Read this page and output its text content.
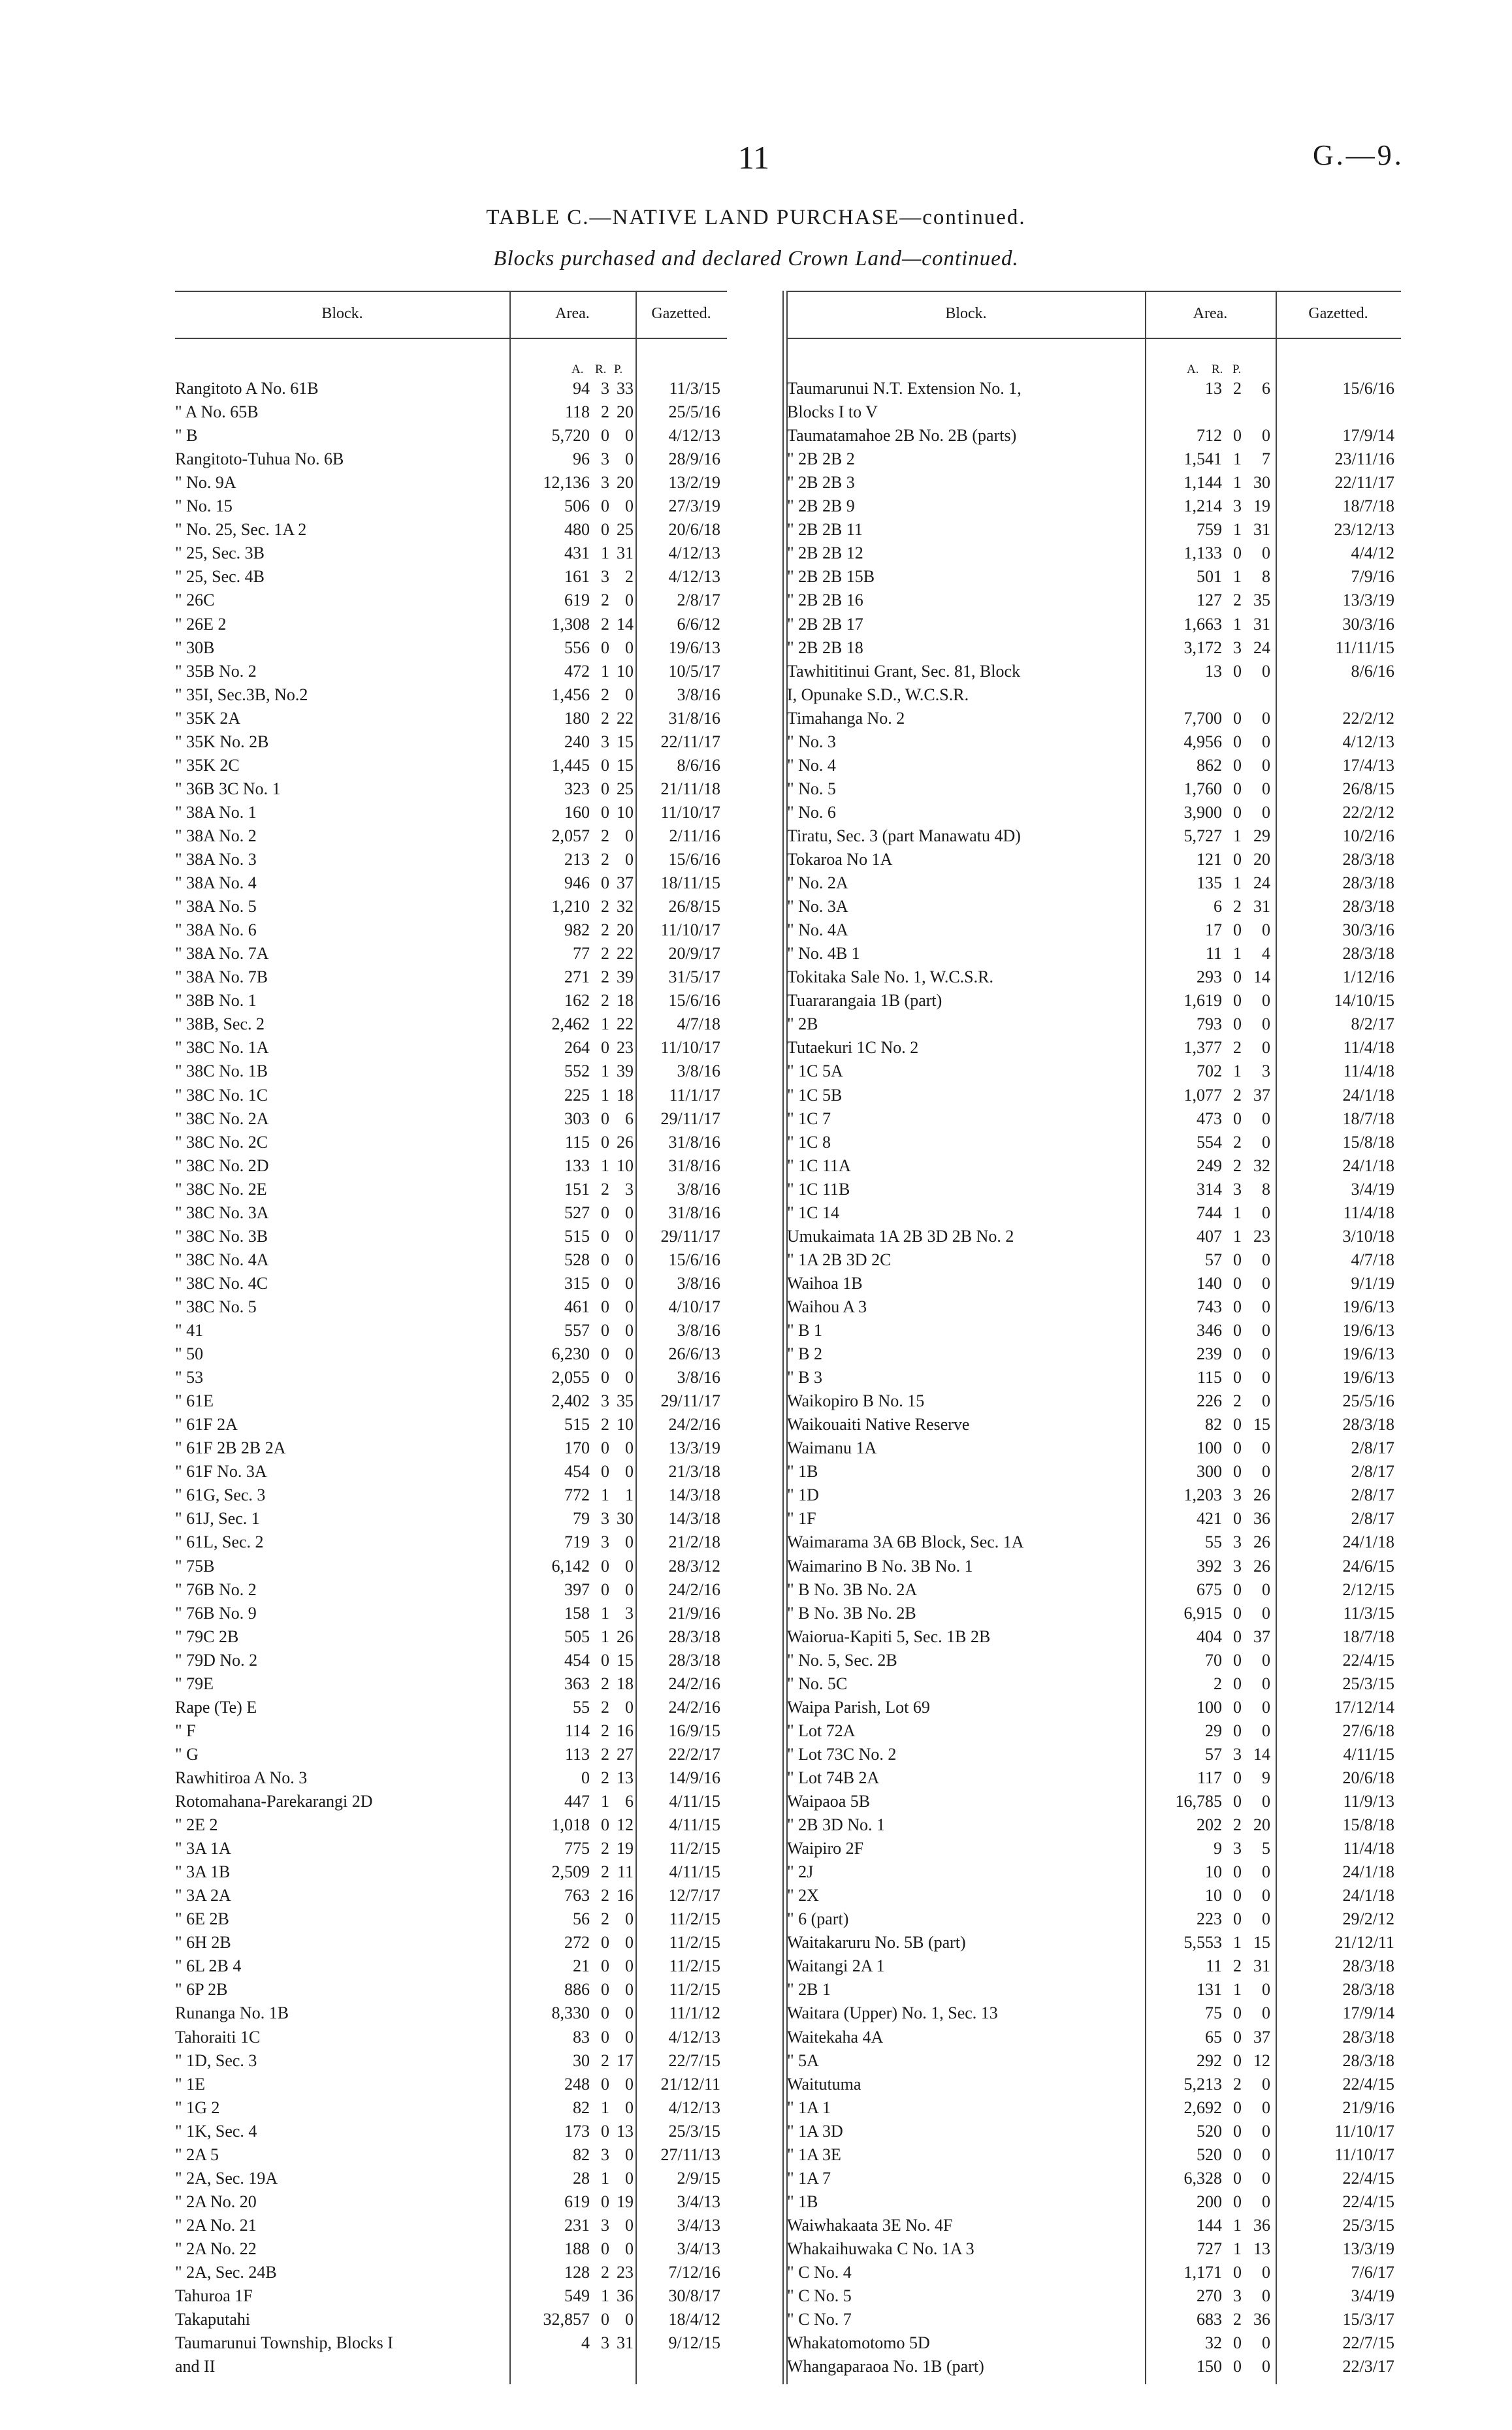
11	G.—9.
TABLE C.—NATIVE LAND PURCHASE—continued.
Blocks purchased and declared Crown Land—continued.
Block.	Area.	Gazetted.
A. R. P.
Rangitoto A No. 61B	94 3 33	11/3/15
" A No. 65B	118 2 20	25/5/16
" B	5,720 0 0	4/12/13
Rangitoto-Tuhua No. 6B	96 3 0	28/9/16
" No. 9A	12,136 3 20	13/2/19
" No. 15	506 0 0	27/3/19
" No. 25, Sec. 1A 2	480 0 25	20/6/18
" 25, Sec. 3B	431 1 31	4/12/13
" 25, Sec. 4B	161 3 2	4/12/13
" 26C	619 2 0	2/8/17
" 26E 2	1,308 2 14	6/6/12
" 30B	556 0 0	19/6/13
" 35B No. 2	472 1 10	10/5/17
" 35I, Sec.3B, No.2	1,456 2 0	3/8/16
" 35K 2A	180 2 22	31/8/16
" 35K No. 2B	240 3 15	22/11/17
" 35K 2C	1,445 0 15	8/6/16
" 36B 3C No. 1	323 0 25	21/11/18
" 38A No. 1	160 0 10	11/10/17
" 38A No. 2	2,057 2 0	2/11/16
" 38A No. 3	213 2 0	15/6/16
" 38A No. 4	946 0 37	18/11/15
" 38A No. 5	1,210 2 32	26/8/15
" 38A No. 6	982 2 20	11/10/17
" 38A No. 7A	77 2 22	20/9/17
" 38A No. 7B	271 2 39	31/5/17
" 38B No. 1	162 2 18	15/6/16
" 38B, Sec. 2	2,462 1 22	4/7/18
" 38C No. 1A	264 0 23	11/10/17
" 38C No. 1B	552 1 39	3/8/16
" 38C No. 1C	225 1 18	11/1/17
" 38C No. 2A	303 0 6	29/11/17
" 38C No. 2C	115 0 26	31/8/16
" 38C No. 2D	133 1 10	31/8/16
" 38C No. 2E	151 2 3	3/8/16
" 38C No. 3A	527 0 0	31/8/16
" 38C No. 3B	515 0 0	29/11/17
" 38C No. 4A	528 0 0	15/6/16
" 38C No. 4C	315 0 0	3/8/16
" 38C No. 5	461 0 0	4/10/17
" 41	557 0 0	3/8/16
" 50	6,230 0 0	26/6/13
" 53	2,055 0 0	3/8/16
" 61E	2,402 3 35	29/11/17
" 61F 2A	515 2 10	24/2/16
" 61F 2B 2B 2A	170 0 0	13/3/19
" 61F No. 3A	454 0 0	21/3/18
" 61G, Sec. 3	772 1 1	14/3/18
" 61J, Sec. 1	79 3 30	14/3/18
" 61L, Sec. 2	719 3 0	21/2/18
" 75B	6,142 0 0	28/3/12
" 76B No. 2	397 0 0	24/2/16
" 76B No. 9	158 1 3	21/9/16
" 79C 2B	505 1 26	28/3/18
" 79D No. 2	454 0 15	28/3/18
" 79E	363 2 18	24/2/16
Rape (Te) E	55 2 0	24/2/16
" F	114 2 16	16/9/15
" G	113 2 27	22/2/17
Rawhitiroa A No. 3	0 2 13	14/9/16
Rotomahana-Parekarangi 2D	447 1 6	4/11/15
" 2E 2	1,018 0 12	4/11/15
" 3A 1A	775 2 19	11/2/15
" 3A 1B	2,509 2 11	4/11/15
" 3A 2A	763 2 16	12/7/17
" 6E 2B	56 2 0	11/2/15
" 6H 2B	272 0 0	11/2/15
" 6L 2B 4	21 0 0	11/2/15
" 6P 2B	886 0 0	11/2/15
Runanga No. 1B	8,330 0 0	11/1/12
Tahoraiti 1C	83 0 0	4/12/13
" 1D, Sec. 3	30 2 17	22/7/15
" 1E	248 0 0	21/12/11
" 1G 2	82 1 0	4/12/13
" 1K, Sec. 4	173 0 13	25/3/15
" 2A 5	82 3 0	27/11/13
" 2A, Sec. 19A	28 1 0	2/9/15
" 2A No. 20	619 0 19	3/4/13
" 2A No. 21	231 3 0	3/4/13
" 2A No. 22	188 0 0	3/4/13
" 2A, Sec. 24B	128 2 23	7/12/16
Tahuroa 1F	549 1 36	30/8/17
Takaputahi	32,857 0 0	18/4/12
Taumarunui Township, Blocks I	4 3 31	9/12/15
and II
Block.	Area.	Gazetted.
A. R. P.
Taumarunui N.T. Extension No. 1,	13 2	6	15/6/16
Blocks I to V
Taumatamahoe 2B No. 2B (parts)	712 0	0	17/9/14
" 2B 2B 2	1,541 1	7	23/11/16
" 2B 2B 3	1,144 1 30	22/11/17
" 2B 2B 9	1,214 3 19	18/7/18
" 2B 2B 11	759 1 31	23/12/13
" 2B 2B 12	1,133 0	0	4/4/12
" 2B 2B 15B	501 1	8	7/9/16
" 2B 2B 16	127 2 35	13/3/19
" 2B 2B 17	1,663 1 31	30/3/16
" 2B 2B 18	3,172 3 24	11/11/15
Tawhititinui Grant, Sec. 81, Block	13 0	0	8/6/16
I, Opunake S.D., W.C.S.R.
Timahanga No. 2	7,700 0	0	22/2/12
" No. 3	4,956 0	0	4/12/13
" No. 4	862 0	0	17/4/13
" No. 5	1,760 0	0	26/8/15
" No. 6	3,900 0	0	22/2/12
Tiratu, Sec. 3 (part Manawatu 4D)	5,727 1 29	10/2/16
Tokaroa No 1A	121 0 20	28/3/18
" No. 2A	135 1 24	28/3/18
" No. 3A	6 2 31	28/3/18
" No. 4A	17 0	0	30/3/16
" No. 4B 1	11 1	4	28/3/18
Tokitaka Sale No. 1, W.C.S.R.	293 0 14	1/12/16
Tuararangaia 1B (part)	1,619 0	0	14/10/15
" 2B	793 0	0	8/2/17
Tutaekuri 1C No. 2	1,377 2	0	11/4/18
" 1C 5A	702 1	3	11/4/18
" 1C 5B	1,077 2 37	24/1/18
" 1C 7	473 0	0	18/7/18
" 1C 8	554 2	0	15/8/18
" 1C 11A	249 2 32	24/1/18
" 1C 11B	314 3	8	3/4/19
" 1C 14	744 1	0	11/4/18
Umukaimata 1A 2B 3D 2B No. 2	407 1 23	3/10/18
" 1A 2B 3D 2C	57 0	0	4/7/18
Waihoa 1B	140 0	0	9/1/19
Waihou A 3	743 0	0	19/6/13
" B 1	346 0	0	19/6/13
" B 2	239 0	0	19/6/13
" B 3	115 0	0	19/6/13
Waikopiro B No. 15	226 2	0	25/5/16
Waikouaiti Native Reserve	82 0 15	28/3/18
Waimanu 1A	100 0	0	2/8/17
" 1B	300 0	0	2/8/17
" 1D	1,203 3 26	2/8/17
" 1F	421 0 36	2/8/17
Waimarama 3A 6B Block, Sec. 1A	55 3 26	24/1/18
Waimarino B No. 3B No. 1	392 3 26	24/6/15
" B No. 3B No. 2A	675 0	0	2/12/15
" B No. 3B No. 2B	6,915 0	0	11/3/15
Waiorua-Kapiti 5, Sec. 1B 2B	404 0 37	18/7/18
" No. 5, Sec. 2B	70 0	0	22/4/15
" No. 5C	2 0	0	25/3/15
Waipa Parish, Lot 69	100 0	0	17/12/14
" Lot 72A	29 0	0	27/6/18
" Lot 73C No. 2	57 3 14	4/11/15
" Lot 74B 2A	117 0	9	20/6/18
Waipaoa 5B	16,785 0	0	11/9/13
" 2B 3D No. 1	202 2 20	15/8/18
Waipiro 2F	9 3	5	11/4/18
" 2J	10 0	0	24/1/18
" 2X	10 0	0	24/1/18
" 6 (part)	223 0	0	29/2/12
Waitakaruru No. 5B (part)	5,553 1 15	21/12/11
Waitangi 2A 1	11 2 31	28/3/18
" 2B 1	131 1	0	28/3/18
Waitara (Upper) No. 1, Sec. 13	75 0	0	17/9/14
Waitekaha 4A	65 0 37	28/3/18
" 5A	292 0 12	28/3/18
Waitutuma	5,213 2	0	22/4/15
" 1A 1	2,692 0	0	21/9/16
" 1A 3D	520 0	0	11/10/17
" 1A 3E	520 0	0	11/10/17
" 1A 7	6,328 0	0	22/4/15
" 1B	200 0	0	22/4/15
Waiwhakaata 3E No. 4F	144 1 36	25/3/15
Whakaihuwaka C No. 1A 3	727 1 13	13/3/19
" C No. 4	1,171 0	0	7/6/17
" C No. 5	270 3	0	3/4/19
" C No. 7	683 2 36	15/3/17
Whakatomotomo 5D	32 0	0	22/7/15
Whangaparaoa No. 1B (part)	150 0	0	22/3/17
